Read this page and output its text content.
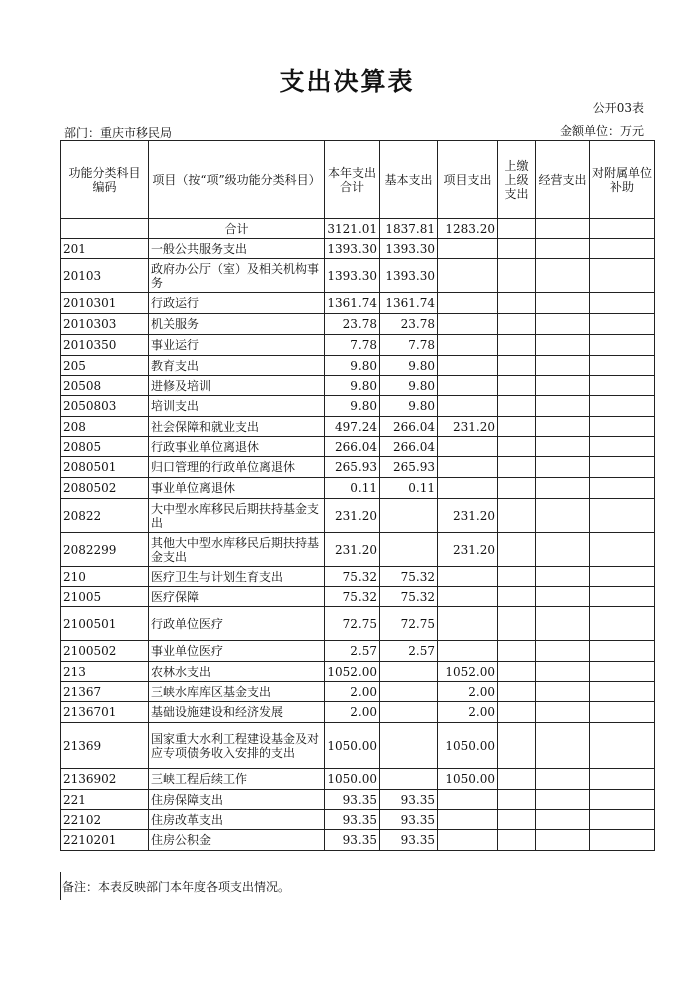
支出决算表
公开03表
部门：重庆市移民局	金额单位：万元
功能分类科目编码	项目（按“项”级功能分类科目）	本年支出合计	基本支出	项目支出	上缴上级支出	经营支出	对附属单位补助
	合计	3121.01	1837.81	1283.20			
201	一般公共服务支出	1393.30	1393.30				
20103	政府办公厅（室）及相关机构事务	1393.30	1393.30				
2010301	行政运行	1361.74	1361.74				
2010303	机关服务	23.78	23.78				
2010350	事业运行	7.78	7.78				
205	教育支出	9.80	9.80				
20508	进修及培训	9.80	9.80				
2050803	培训支出	9.80	9.80				
208	社会保障和就业支出	497.24	266.04	231.20			
20805	行政事业单位离退休	266.04	266.04				
2080501	归口管理的行政单位离退休	265.93	265.93				
2080502	事业单位离退休	0.11	0.11				
20822	大中型水库移民后期扶持基金支出	231.20		231.20			
2082299	其他大中型水库移民后期扶持基金支出	231.20		231.20			
210	医疗卫生与计划生育支出	75.32	75.32				
21005	医疗保障	75.32	75.32				
2100501	行政单位医疗	72.75	72.75				
2100502	事业单位医疗	2.57	2.57				
213	农林水支出	1052.00		1052.00			
21367	三峡水库库区基金支出	2.00		2.00			
2136701	基础设施建设和经济发展	2.00		2.00			
21369	国家重大水利工程建设基金及对应专项债务收入安排的支出	1050.00		1050.00			
2136902	三峡工程后续工作	1050.00		1050.00			
221	住房保障支出	93.35	93.35				
22102	住房改革支出	93.35	93.35				
2210201	住房公积金	93.35	93.35				
备注：本表反映部门本年度各项支出情况。
